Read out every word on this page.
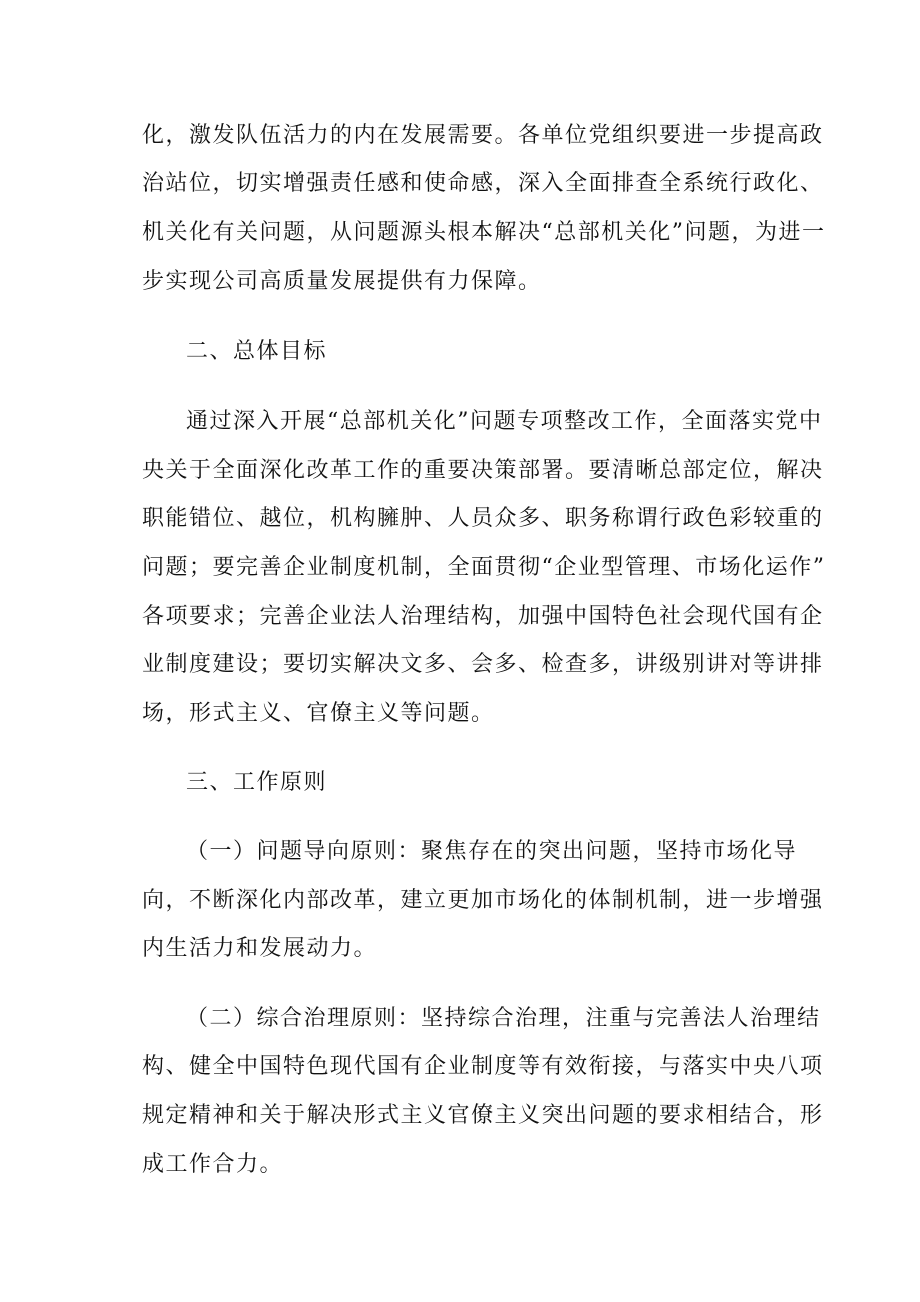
化，激发队伍活力的内在发展需要。各单位党组织要进一步提高政
治站位，切实增强责任感和使命感，深入全面排查全系统行政化、
机关化有关问题，从问题源头根本解决“总部机关化”问题，为进一
步实现公司高质量发展提供有力保障。
二、总体目标
通过深入开展“总部机关化”问题专项整改工作，全面落实党中
央关于全面深化改革工作的重要决策部署。要清晰总部定位，解决
职能错位、越位，机构臃肿、人员众多、职务称谓行政色彩较重的
问题；要完善企业制度机制，全面贯彻“企业型管理、市场化运作”
各项要求；完善企业法人治理结构，加强中国特色社会现代国有企
业制度建设；要切实解决文多、会多、检查多，讲级别讲对等讲排
场，形式主义、官僚主义等问题。
三、工作原则
（一）问题导向原则：聚焦存在的突出问题，坚持市场化导
向，不断深化内部改革，建立更加市场化的体制机制，进一步增强
内生活力和发展动力。
（二）综合治理原则：坚持综合治理，注重与完善法人治理结
构、健全中国特色现代国有企业制度等有效衔接，与落实中央八项
规定精神和关于解决形式主义官僚主义突出问题的要求相结合，形
成工作合力。
